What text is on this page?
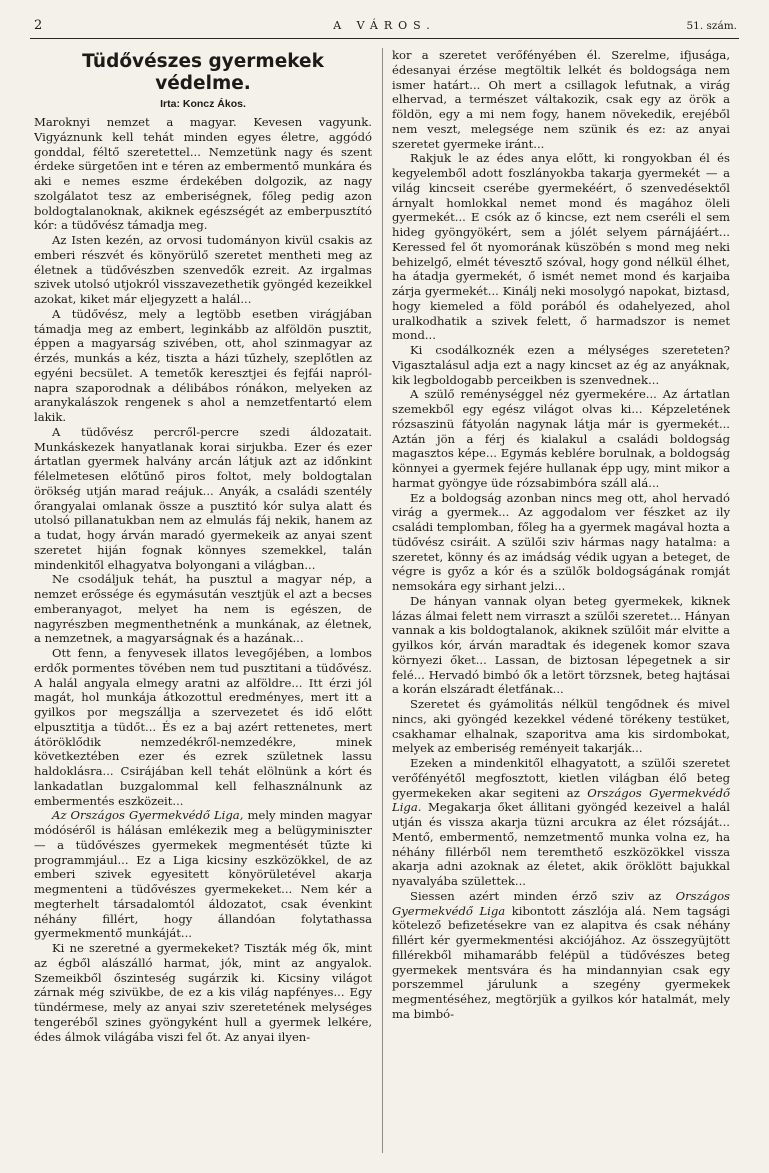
2	A VÁROS.	51. szám.
Tüdővészes gyermekek védelme.
Irta: Koncz Ákos.

Maroknyi nemzet a magyar. Kevesen vagyunk. Vigyáznunk kell tehát minden egyes életre, aggódó gonddal, féltő szeretettel... Nemzetünk nagy és szent érdeke sürgetően int e téren az embermentő munkára és aki e nemes eszme érdekében dolgozik, az nagy szolgálatot tesz az emberiségnek, főleg pedig azon boldogtalanoknak, akiknek egészségét az emberpusztító kór: a tüdővész támadja meg.

Az Isten kezén, az orvosi tudományon kivül csakis az emberi részvét és könyörülő szeretet mentheti meg az életnek a tüdővészben szenvedők ezreit. Az irgalmas szivek utolsó utjokról visszavezethetik gyöngéd kezeikkel azokat, kiket már eljegyzett a halál...

A tüdővész, mely a legtöbb esetben virágjában támadja meg az embert, leginkább az alföldön pusztit, éppen a magyarság szivében, ott, ahol szinmagyar az érzés, munkás a kéz, tiszta a házi tűzhely, szeplőtlen az egyéni becsület. A temetők keresztjei és fejfái napról-napra szaporodnak a délibábos rónákon, melyeken az aranykalászok rengenek s ahol a nemzetfentartó elem lakik.

A tüdővész percről-percre szedi áldozatait. Munkáskezek hanyatlanak korai sirjukba. Ezer és ezer ártatlan gyermek halvány arcán látjuk azt az időnkint félelmetesen előtűnő piros foltot, mely boldogtalan örökség utján marad reájuk... Anyák, a családi szentély őrangyalai omlanak össze a pusztitó kór sulya alatt és utolsó pillanatukban nem az elmulás fáj nekik, hanem az a tudat, hogy árván maradó gyermekeik az anyai szent szeretet hiján fognak könnyes szemekkel, talán mindenkitől elhagyatva bolyongani a világban...

Ne csodáljuk tehát, ha pusztul a magyar nép, a nemzet erőssége és egymásután vesztjük el azt a becses emberanyagot, melyet ha nem is egészen, de nagyrészben megmenthetnénk a munkának, az életnek, a nemzetnek, a magyarságnak és a hazának...

Ott fenn, a fenyvesek illatos levegőjében, a lombos erdők pormentes tövében nem tud pusztitani a tüdővész. A halál angyala elmegy aratni az alföldre... Itt érzi jól magát, hol munkája átkozottul eredményes, mert itt a gyilkos por megszállja a szervezetet és idő előtt elpusztitja a tüdőt... És ez a baj azért rettenetes, mert átöröklődik nemzedékről-nemzedékre, minek következtében ezer és ezrek születnek lassu haldoklásra... Csirájában kell tehát elölnünk a kórt és lankadatlan buzgalommal kell felhasználnunk az embermentés eszközeit...

Az Országos Gyermekvédő Liga, mely minden magyar módóséről is hálásan emlékezik meg a belügyminiszter — a tüdővészes gyermekek megmentését tűzte ki programmjául... Ez a Liga kicsiny eszközökkel, de az emberi szivek egyesitett könyörületével akarja megmenteni a tüdővészes gyermekeket... Nem kér a megterhelt társadalomtól áldozatot, csak évenkint néhány fillért, hogy állandóan folytathassa gyermekmentő munkáját...

Ki ne szeretné a gyermekeket? Tiszták még ők, mint az égből alászálló harmat, jók, mint az angyalok. Szemeikből őszinteség sugárzik ki. Kicsiny világot zárnak még szivükbe, de ez a kis világ napfényes... Egy tündérmese, mely az anyai sziv szeretetének melységes tengeréből szines gyöngyként hull a gyermek lelkére, édes álmok világába viszi fel őt. Az anyai ilyen-

kor a szeretet verőfényében él. Szerelme, ifjusága, édesanyai érzése megtöltik lelkét és boldogsága nem ismer határt... Oh mert a csillagok lefutnak, a virág elhervad, a természet váltakozik, csak egy az örök a földön, egy a mi nem fogy, hanem növekedik, erejéből nem veszt, melegsége nem szünik és ez: az anyai szeretet gyermeke iránt...

Rakjuk le az édes anya előtt, ki rongyokban él és kegyelemből adott foszlányokba takarja gyermekét — a világ kincseit cserébe gyermekéért, ő szenvedésektől árnyalt homlokkal nemet mond és magához öleli gyermekét... E csók az ő kincse, ezt nem cseréli el sem hideg gyöngyökért, sem a jólét selyem párnájáért... Keressed fel őt nyomorának küszöbén s mond meg neki behizelgő, elmét tévesztő szóval, hogy gond nélkül élhet, ha átadja gyermekét, ő ismét nemet mond és karjaiba zárja gyermekét... Kinálj neki mosolygó napokat, biztasd, hogy kiemeled a föld porából és odahelyezed, ahol uralkodhatik a szivek felett, ő harmadszor is nemet mond...

Ki csodálkoznék ezen a mélységes szereteten? Vigasztalásul adja ezt a nagy kincset az ég az anyáknak, kik legboldogabb perceikben is szenvednek...

A szülő reménységgel néz gyermekére... Az ártatlan szemekből egy egész világot olvas ki... Képzeletének rózsaszinü fátyolán nagynak látja már is gyermekét... Aztán jön a férj és kialakul a családi boldogság magasztos képe... Egymás keblére borulnak, a boldogság könnyei a gyermek fejére hullanak épp ugy, mint mikor a harmat gyöngye üde rózsabimbóra száll alá...

Ez a boldogság azonban nincs meg ott, ahol hervadó virág a gyermek... Az aggodalom ver fészket az ily családi templomban, főleg ha a gyermek magával hozta a tüdővész csiráit. A szülői sziv hármas nagy hatalma: a szeretet, könny és az imádság védik ugyan a beteget, de végre is győz a kór és a szülők boldogságának romját nemsokára egy sirhant jelzi...

De hányan vannak olyan beteg gyermekek, kiknek lázas álmai felett nem virraszt a szülői szeretet... Hányan vannak a kis boldogtalanok, akiknek szülőit már elvitte a gyilkos kór, árván maradtak és idegenek komor szava környezi őket... Lassan, de biztosan lépegetnek a sir felé... Hervadó bimbó ők a letört törzsnek, beteg hajtásai a korán elszáradt életfának...

Szeretet és gyámolitás nélkül tengődnek és mivel nincs, aki gyöngéd kezekkel védené törékeny testüket, csakhamar elhalnak, szaporitva ama kis sirdombokat, melyek az emberiség reményeit takarják...

Ezeken a mindenkitől elhagyatott, a szülői szeretet verőfényétől megfosztott, kietlen világban élő beteg gyermekeken akar segiteni az Országos Gyermekvédő Liga. Megakarja őket állitani gyöngéd kezeivel a halál utján és vissza akarja tüzni arcukra az élet rózsáját... Mentő, embermentő, nemzetmentő munka volna ez, ha néhány fillérből nem teremthető eszközökkel vissza akarja adni azoknak az életet, akik öröklött bajukkal nyavalyába születtek...

Siessen azért minden érző sziv az Országos Gyermekvédő Liga kibontott zászlója alá. Nem tagsági kötelező befizetésekre van ez alapitva és csak néhány fillért kér gyermekmentési akciójához. Az összegyüjtött fillérekből mihamarább felépül a tüdővészes beteg gyermekek mentsvára és ha mindannyian csak egy porszemmel járulunk a szegény gyermekek megmentéséhez, megtörjük a gyilkos kór hatalmát, mely ma bimbó-
